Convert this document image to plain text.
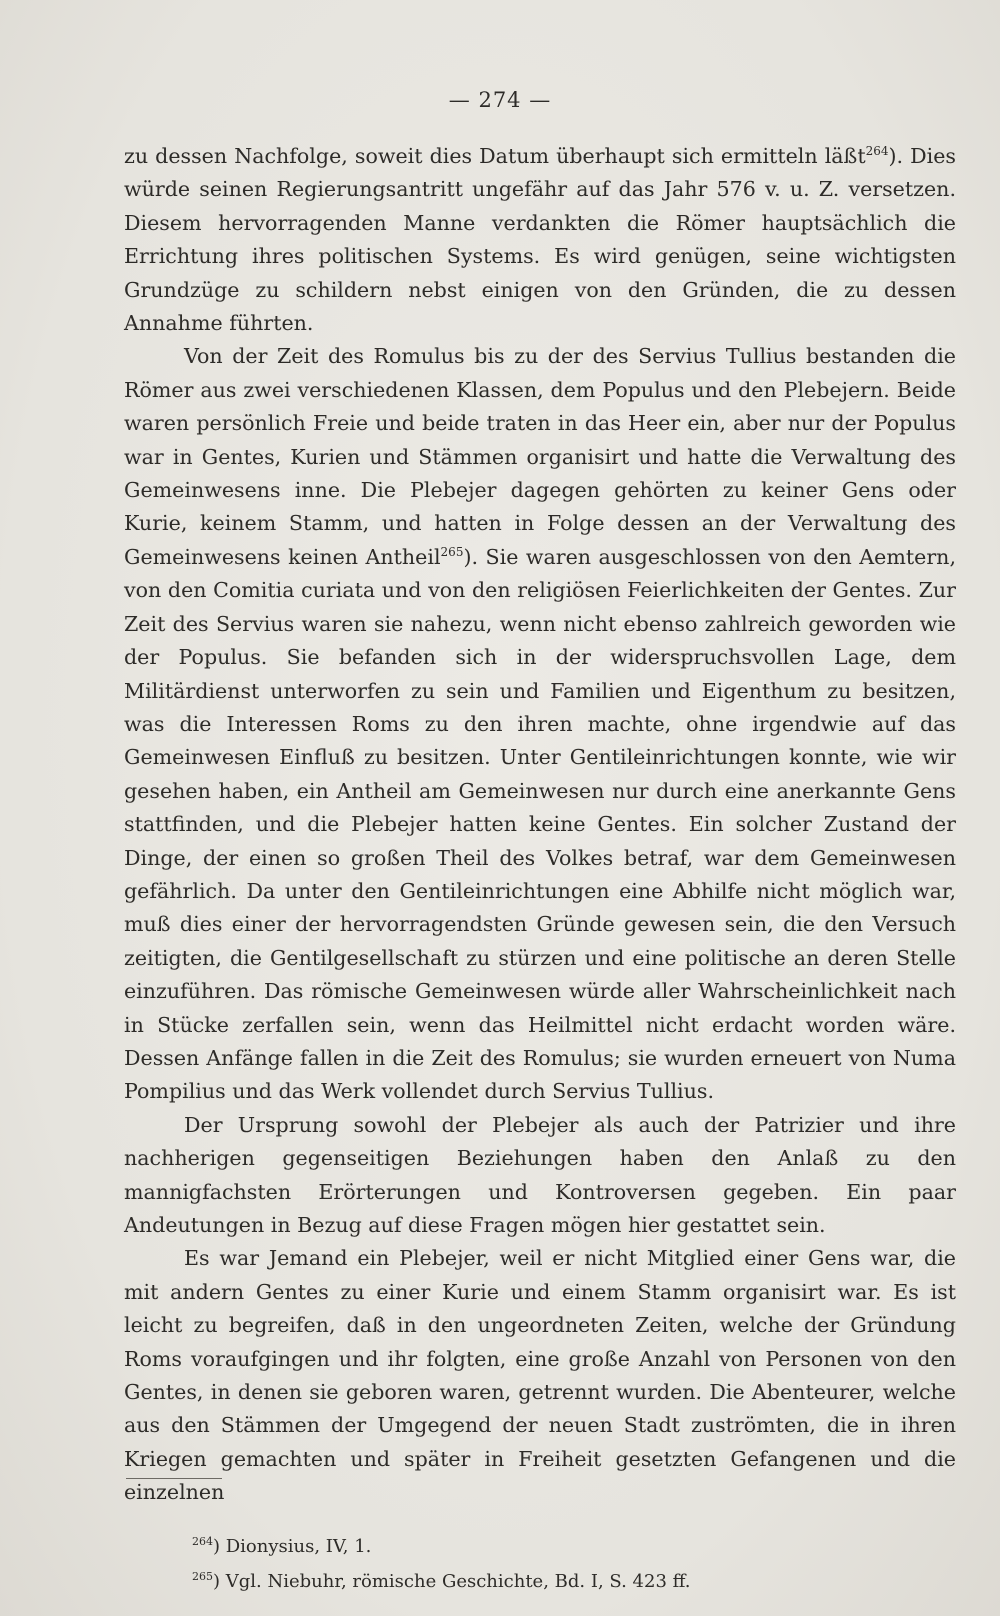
— 274 —

zu dessen Nachfolge, soweit dies Datum überhaupt sich ermitteln läßt$^{264}$). Dies würde seinen Regierungsantritt ungefähr auf das Jahr 576 v. u. Z. versetzen. Diesem hervorragenden Manne verdankten die Römer hauptsächlich die Errichtung ihres politischen Systems. Es wird genügen, seine wichtigsten Grundzüge zu schildern nebst einigen von den Gründen, die zu dessen Annahme führten.

Von der Zeit des Romulus bis zu der des Servius Tullius bestanden die Römer aus zwei verschiedenen Klassen, dem Populus und den Plebejern. Beide waren persönlich Freie und beide traten in das Heer ein, aber nur der Populus war in Gentes, Kurien und Stämmen organisirt und hatte die Verwaltung des Gemeinwesens inne. Die Plebejer dagegen gehörten zu keiner Gens oder Kurie, keinem Stamm, und hatten in Folge dessen an der Verwaltung des Gemeinwesens keinen Antheil$^{265}$). Sie waren ausgeschlossen von den Aemtern, von den Comitia curiata und von den religiösen Feierlichkeiten der Gentes. Zur Zeit des Servius waren sie nahezu, wenn nicht ebenso zahlreich geworden wie der Populus. Sie befanden sich in der widerspruchsvollen Lage, dem Militärdienst unterworfen zu sein und Familien und Eigenthum zu besitzen, was die Interessen Roms zu den ihren machte, ohne irgendwie auf das Gemeinwesen Einfluß zu besitzen. Unter Gentileinrichtungen konnte, wie wir gesehen haben, ein Antheil am Gemeinwesen nur durch eine anerkannte Gens stattfinden, und die Plebejer hatten keine Gentes. Ein solcher Zustand der Dinge, der einen so großen Theil des Volkes betraf, war dem Gemeinwesen gefährlich. Da unter den Gentileinrichtungen eine Abhilfe nicht möglich war, muß dies einer der hervorragendsten Gründe gewesen sein, die den Versuch zeitigten, die Gentilgesellschaft zu stürzen und eine politische an deren Stelle einzuführen. Das römische Gemeinwesen würde aller Wahrscheinlichkeit nach in Stücke zerfallen sein, wenn das Heilmittel nicht erdacht worden wäre. Dessen Anfänge fallen in die Zeit des Romulus; sie wurden erneuert von Numa Pompilius und das Werk vollendet durch Servius Tullius.

Der Ursprung sowohl der Plebejer als auch der Patrizier und ihre nachherigen gegenseitigen Beziehungen haben den Anlaß zu den mannigfachsten Erörterungen und Kontroversen gegeben. Ein paar Andeutungen in Bezug auf diese Fragen mögen hier gestattet sein.

Es war Jemand ein Plebejer, weil er nicht Mitglied einer Gens war, die mit andern Gentes zu einer Kurie und einem Stamm organisirt war. Es ist leicht zu begreifen, daß in den ungeordneten Zeiten, welche der Gründung Roms voraufgingen und ihr folgten, eine große Anzahl von Personen von den Gentes, in denen sie geboren waren, getrennt wurden. Die Abenteurer, welche aus den Stämmen der Umgegend der neuen Stadt zuströmten, die in ihren Kriegen gemachten und später in Freiheit gesetzten Gefangenen und die einzelnen

$^{264}$) Dionysius, IV, 1.
$^{265}$) Vgl. Niebuhr, römische Geschichte, Bd. I, S. 423 ff.
